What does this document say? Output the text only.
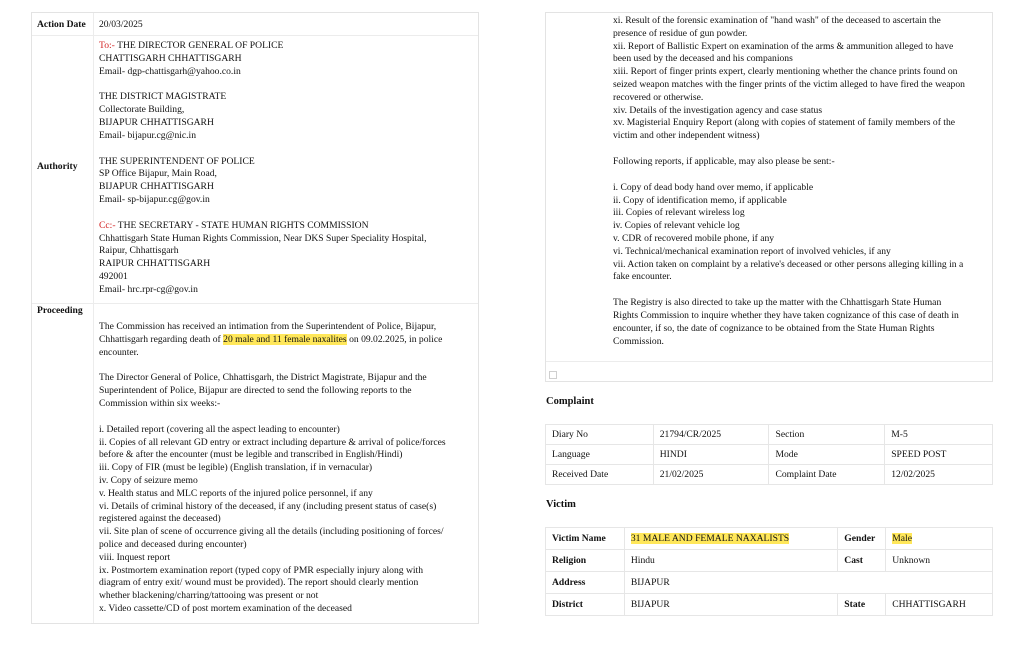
Action Date 20/03/2025
Authority

To:- THE DIRECTOR GENERAL OF POLICE

CHATTISGARH CHHATTISGARH

Email- dgp-chattisgarh@yahoo.co.in

THE DISTRICT MAGISTRATE

Collectorate Building,

BIJAPUR CHHATTISGARH

Email- bijapur.cg@nic.in

THE SUPERINTENDENT OF POLICE

SP Office Bijapur, Main Road,

BIJAPUR CHHATTISGARH

Email- sp-bijapur.cg@gov.in

Cc:- THE SECRETARY - STATE HUMAN RIGHTS COMMISSION

Chhattisgarh State Human Rights Commission, Near DKS Super Speciality Hospital,

Raipur, Chhattisgarh

RAIPUR CHHATTISGARH

492001

Email- hrc.rpr-cg@gov.in

Proceeding

The Commission has received an intimation from the Superintendent of Police, Bijapur,

Chhattisgarh regarding death of 20 male and 11 female naxalites on 09.02.2025, in police

encounter.

The Director General of Police, Chhattisgarh, the District Magistrate, Bijapur and the

Superintendent of Police, Bijapur are directed to send the following reports to the

Commission within six weeks:-

i. Detailed report (covering all the aspect leading to encounter)

ii. Copies of all relevant GD entry or extract including departure & arrival of police/forces

before & after the encounter (must be legible and transcribed in English/Hindi)

iii. Copy of FIR (must be legible) (English translation, if in vernacular)

iv. Copy of seizure memo

v. Health status and MLC reports of the injured police personnel, if any

vi. Details of criminal history of the deceased, if any (including present status of case(s)

registered against the deceased)

vii. Site plan of scene of occurrence giving all the details (including positioning of forces/

police and deceased during encounter)

viii. Inquest report

ix. Postmortem examination report (typed copy of PMR especially injury along with

diagram of entry exit/ wound must be provided). The report should clearly mention

whether blackening/charring/tattooing was present or not

x. Video cassette/CD of post mortem examination of the deceased

xi. Result of the forensic examination of "hand wash" of the deceased to ascertain the

presence of residue of gun powder.

xii. Report of Ballistic Expert on examination of the arms & ammunition alleged to have

been used by the deceased and his companions

xiii. Report of finger prints expert, clearly mentioning whether the chance prints found on

seized weapon matches with the finger prints of the victim alleged to have fired the weapon

recovered or otherwise.

xiv. Details of the investigation agency and case status

xv. Magisterial Enquiry Report (along with copies of statement of family members of the

victim and other independent witness)

Following reports, if applicable, may also please be sent:-

i. Copy of dead body hand over memo, if applicable

ii. Copy of identification memo, if applicable

iii. Copies of relevant wireless log

iv. Copies of relevant vehicle log

v. CDR of recovered mobile phone, if any

vi. Technical/mechanical examination report of involved vehicles, if any

vii. Action taken on complaint by a relative's deceased or other persons alleging killing in a

fake encounter.

The Registry is also directed to take up the matter with the Chhattisgarh State Human

Rights Commission to inquire whether they have taken cognizance of this case of death in

encounter, if so, the date of cognizance to be obtained from the State Human Rights

Commission.

Complaint
Diary No	21794/CR/2025	Section	M-5
Language	HINDI	Mode	SPEED POST
Received Date	21/02/2025	Complaint Date	12/02/2025
Victim
Victim Name	31 MALE AND FEMALE NAXALISTS	Gender	Male
Religion	Hindu	Cast	Unknown
Address	BIJAPUR		
District	BIJAPUR	State	CHHATTISGARH
